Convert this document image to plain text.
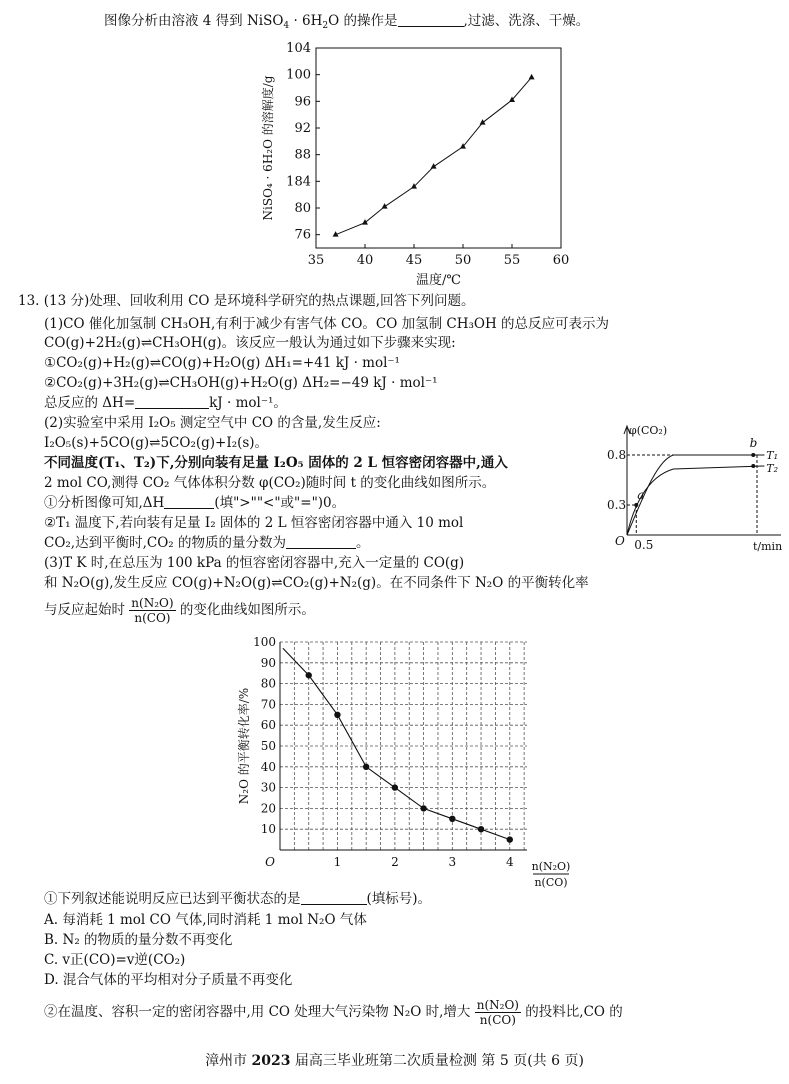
图像分析由溶液 4 得到 NiSO$_4$ · $6H_2O$ 的操作是	,过滤、洗涤、干燥。
104
100
96
92
88
184
80
76
35 40 45 50 55 60
温度/℃
NiSO₄ · 6H₂O 的溶解度/g
13. (13 分)处理、回收利用 CO 是环境科学研究的热点课题,回答下列问题。
(1)CO 催化加氢制 CH₃OH,有利于减少有害气体 CO。CO 加氢制 CH₃OH 的总反应可表示为
CO(g)+2H₂(g)⇌CH₃OH(g)。该反应一般认为通过如下步骤来实现:
①CO₂(g)+H₂(g)⇌CO(g)+H₂O(g) ΔH₁=+41 kJ · mol⁻¹
②CO₂(g)+3H₂(g)⇌CH₃OH(g)+H₂O(g) ΔH₂=−49 kJ · mol⁻¹
总反应的 ΔH=	kJ · mol⁻¹。
(2)实验室中采用 I₂O₅ 测定空气中 CO 的含量,发生反应:
I₂O₅(s)+5CO(g)⇌5CO₂(g)+I₂(s)。
不同温度(T₁、T₂)下,分别向装有足量 I₂O₅ 固体的 2 L 恒容密闭容器中,通入
2 mol CO,测得 CO₂ 气体体积分数 φ(CO₂)随时间 t 的变化曲线如图所示。
①分析图像可知,ΔH	(填">""<"或"=")0。
②T₁ 温度下,若向装有足量 I₂ 固体的 2 L 恒容密闭容器中通入 10 mol
CO₂,达到平衡时,CO₂ 的物质的量分数为	。
(3)T K 时,在总压为 100 kPa 的恒容密闭容器中,充入一定量的 CO(g)
和 N₂O(g),发生反应 CO(g)+N₂O(g)⇌CO₂(g)+N₂(g)。在不同条件下 N₂O 的平衡转化率
与反应起始时 $\frac{\text{n(N₂O)}}{n(CO)}$ 的变化曲线如图所示。
φ(CO₂)
t/min
O 0.5
0.8
0.3
a
b
T₁
T₂
100
90
80
70
60
50
40
30
20
10
1	2	3	4
O
N₂O 的平衡转化率/%
n(N₂O)
n(CO)
①下列叙述能说明反应已达到平衡状态的是	(填标号)。
A. 每消耗 1 mol CO 气体,同时消耗 1 mol N₂O 气体
B. N₂ 的物质的量分数不再变化
C. v正(CO)=v逆(CO₂)
D. 混合气体的平均相对分子质量不再变化
②在温度、容积一定的密闭容器中,用 CO 处理大气污染物 N₂O 时,增大 $\frac{\text{n(N₂O)}}{n(CO)}$ 的投料比,CO 的
漳州市 2023 届高三毕业班第二次质量检测 第 5 页(共 6 页)
